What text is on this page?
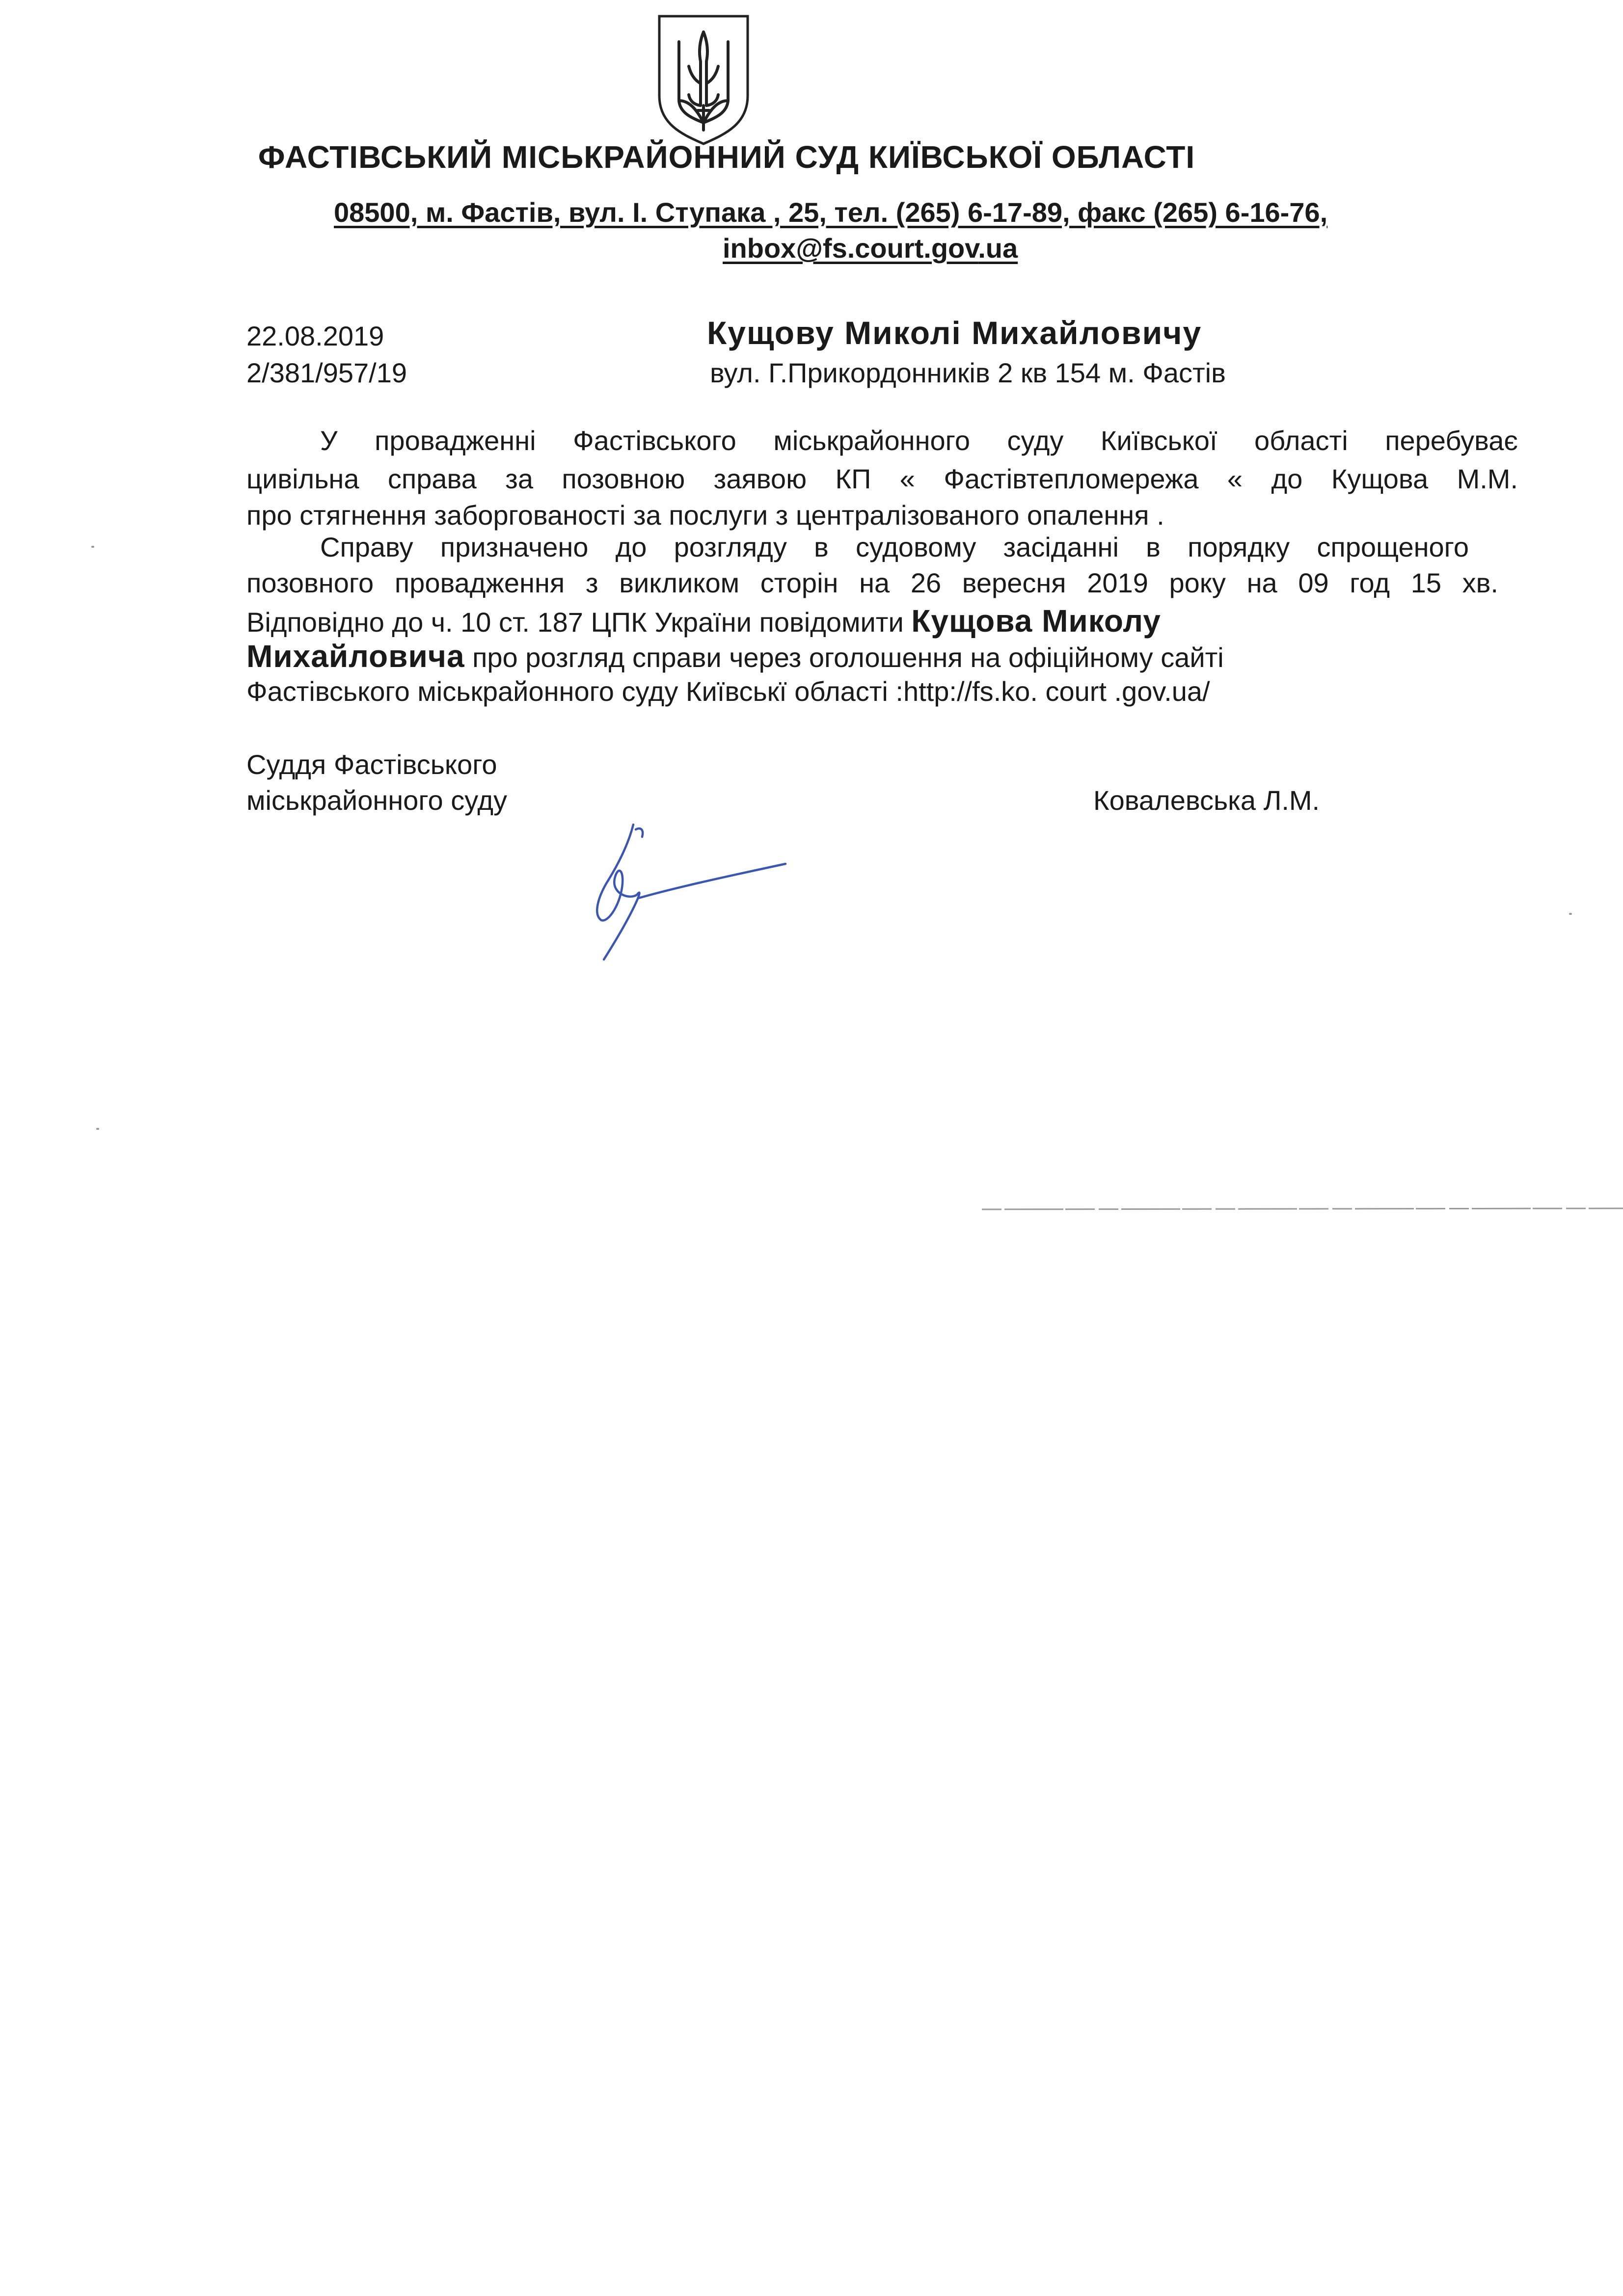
ФАСТІВСЬКИЙ МІСЬКРАЙОННИЙ СУД КИЇВСЬКОЇ ОБЛАСТІ
08500, м. Фастів, вул. І. Ступака , 25, тел. (265) 6-17-89, факс (265) 6-16-76,
inbox@fs.court.gov.ua
22.08.2019
2/381/957/19
Кущову Миколі Михайловичу
вул. Г.Прикордонників 2 кв 154 м. Фастів
У провадженні Фастівського міськрайонного суду Київської області перебуває
цивільна справа за позовною заявою КП « Фастівтепломережа « до Кущова М.М.
про стягнення заборгованості за послуги з централізованого опалення .
Справу призначено до розгляду в судовому засіданні в порядку спрощеного
позовного провадження з викликом сторін на 26 вересня 2019 року на 09 год 15 хв.
Відповідно до ч. 10 ст. 187 ЦПК України повідомити Кущова Миколу
Михайловича про розгляд справи через оголошення на офіційному сайті
Фастівського міськрайонного суду Київськї області :http://fs.ko. court .gov.ua/
Суддя Фастівського
міськрайонного суду	Ковалевська Л.М.
